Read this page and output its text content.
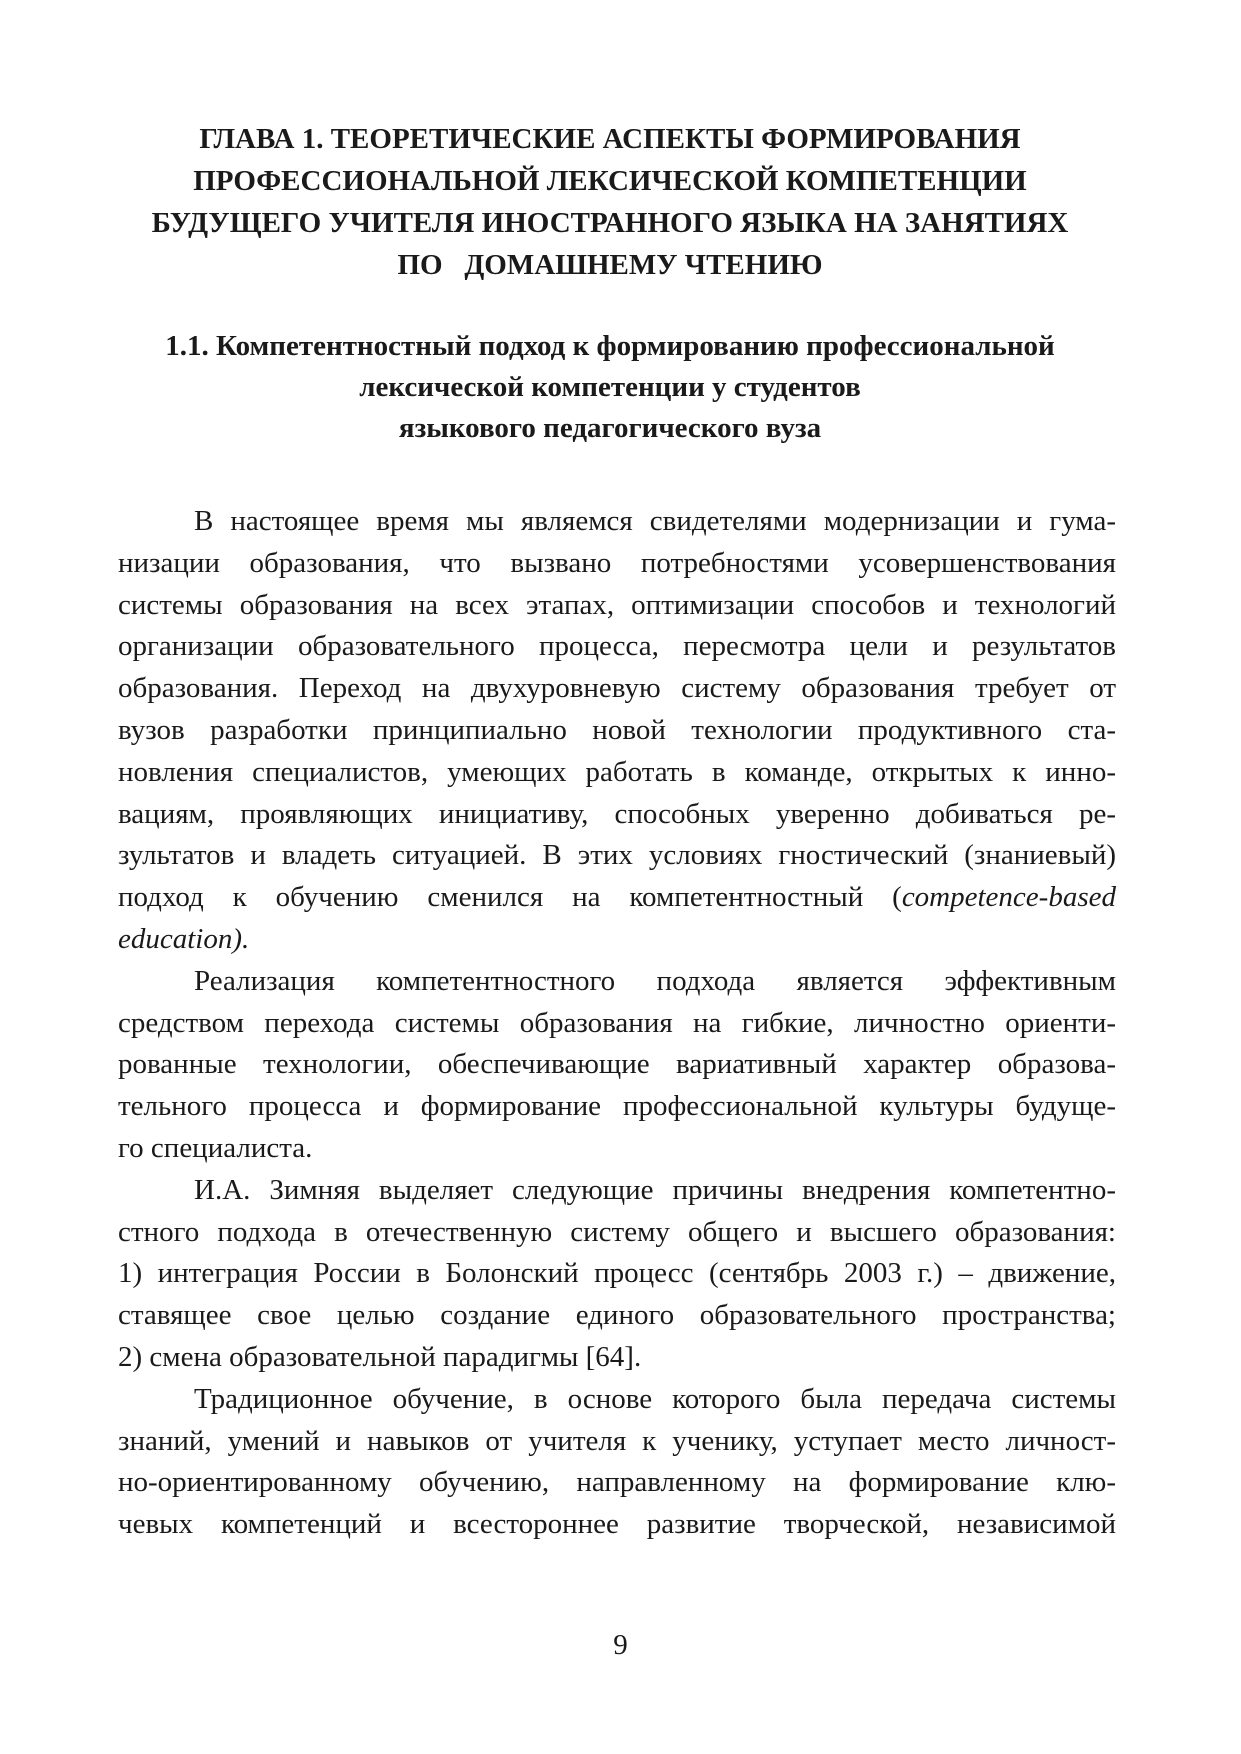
ГЛАВА 1. ТЕОРЕТИЧЕСКИЕ АСПЕКТЫ ФОРМИРОВАНИЯ
ПРОФЕССИОНАЛЬНОЙ ЛЕКСИЧЕСКОЙ КОМПЕТЕНЦИИ
БУДУЩЕГО УЧИТЕЛЯ ИНОСТРАННОГО ЯЗЫКА НА ЗАНЯТИЯХ
ПО   ДОМАШНЕМУ ЧТЕНИЮ
1.1. Компетентностный подход к формированию профессиональной
лексической компетенции у студентов
языкового педагогического вуза
В настоящее время мы являемся свидетелями модернизации и гума-
низации образования, что вызвано потребностями усовершенствования
системы образования на всех этапах, оптимизации способов и технологий
организации образовательного процесса, пересмотра цели и результатов
образования. Переход на двухуровневую систему образования требует от
вузов разработки принципиально новой технологии продуктивного ста-
новления специалистов, умеющих работать в команде, открытых к инно-
вациям, проявляющих инициативу, способных уверенно добиваться ре-
зультатов и владеть ситуацией. В этих условиях гностический (знаниевый)
подход к обучению сменился на компетентностный (competence-based
education).
Реализация компетентностного подхода является эффективным
средством перехода системы образования на гибкие, личностно ориенти-
рованные технологии, обеспечивающие вариативный характер образова-
тельного процесса и формирование профессиональной культуры будуще-
го специалиста.
И.А. Зимняя выделяет следующие причины внедрения компетентно-
стного подхода в отечественную систему общего и высшего образования:
1) интеграция России в Болонский процесс (сентябрь 2003 г.) – движение,
ставящее свое целью создание единого образовательного пространства;
2) смена образовательной парадигмы [64].
Традиционное обучение, в основе которого была передача системы
знаний, умений и навыков от учителя к ученику, уступает место личност-
но-ориентированному обучению, направленному на формирование клю-
чевых компетенций и всестороннее развитие творческой, независимой
9
